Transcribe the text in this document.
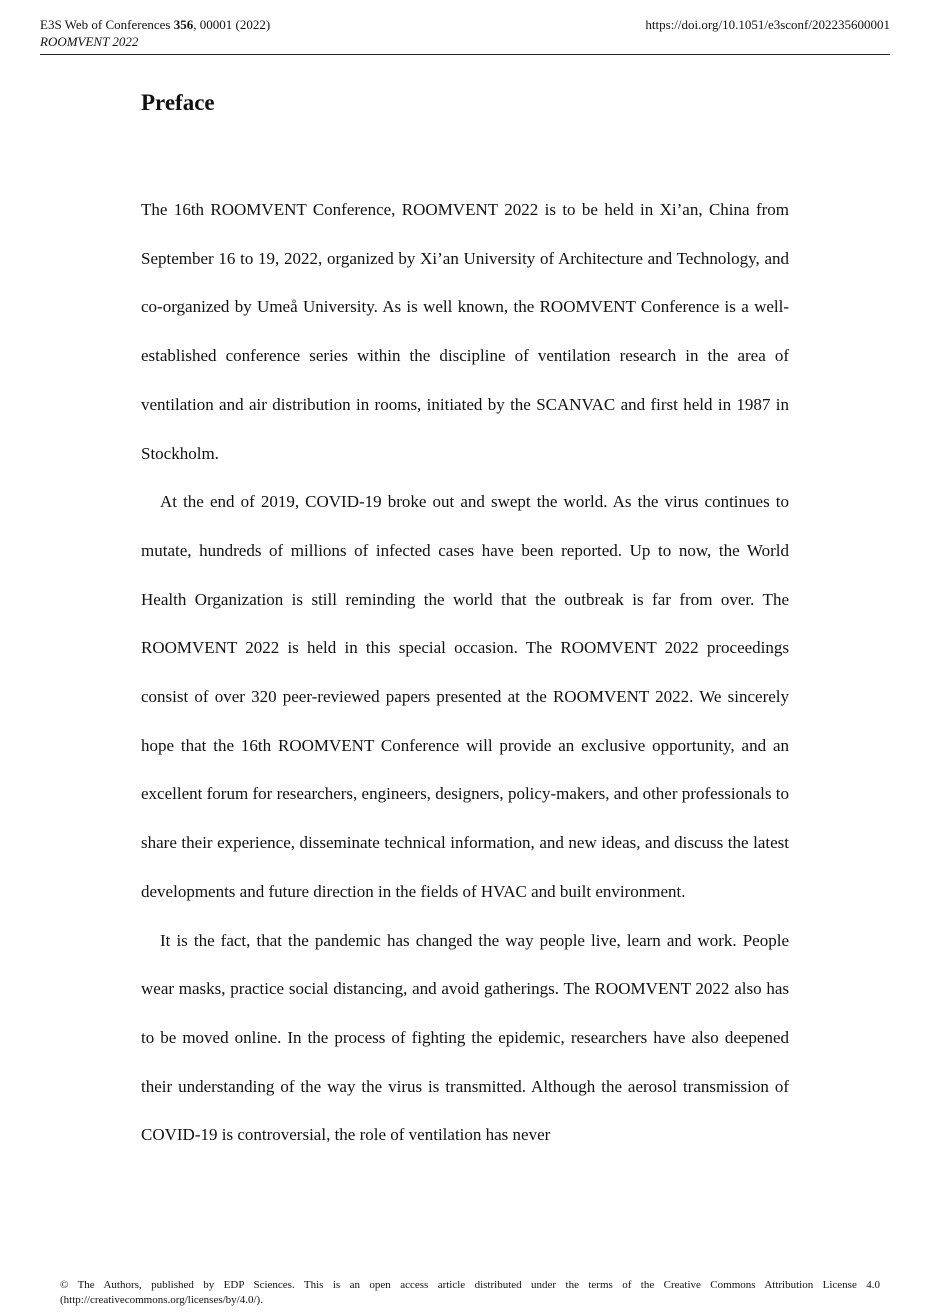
E3S Web of Conferences 356, 00001 (2022)
ROOMVENT 2022
https://doi.org/10.1051/e3sconf/202235600001
Preface

The 16th ROOMVENT Conference, ROOMVENT 2022 is to be held in Xi’an, China from September 16 to 19, 2022, organized by Xi’an University of Architecture and Technology, and co-organized by Umeå University. As is well known, the ROOMVENT Conference is a well-established conference series within the discipline of ventilation research in the area of ventilation and air distribution in rooms, initiated by the SCANVAC and first held in 1987 in Stockholm.

At the end of 2019, COVID-19 broke out and swept the world. As the virus continues to mutate, hundreds of millions of infected cases have been reported. Up to now, the World Health Organization is still reminding the world that the outbreak is far from over. The ROOMVENT 2022 is held in this special occasion. The ROOMVENT 2022 proceedings consist of over 320 peer-reviewed papers presented at the ROOMVENT 2022. We sincerely hope that the 16th ROOMVENT Conference will provide an exclusive opportunity, and an excellent forum for researchers, engineers, designers, policy-makers, and other professionals to share their experience, disseminate technical information, and new ideas, and discuss the latest developments and future direction in the fields of HVAC and built environment.

It is the fact, that the pandemic has changed the way people live, learn and work. People wear masks, practice social distancing, and avoid gatherings. The ROOMVENT 2022 also has to be moved online. In the process of fighting the epidemic, researchers have also deepened their understanding of the way the virus is transmitted. Although the aerosol transmission of COVID-19 is controversial, the role of ventilation has never

© The Authors, published by EDP Sciences. This is an open access article distributed under the terms of the Creative Commons Attribution License 4.0 (http://creativecommons.org/licenses/by/4.0/).
